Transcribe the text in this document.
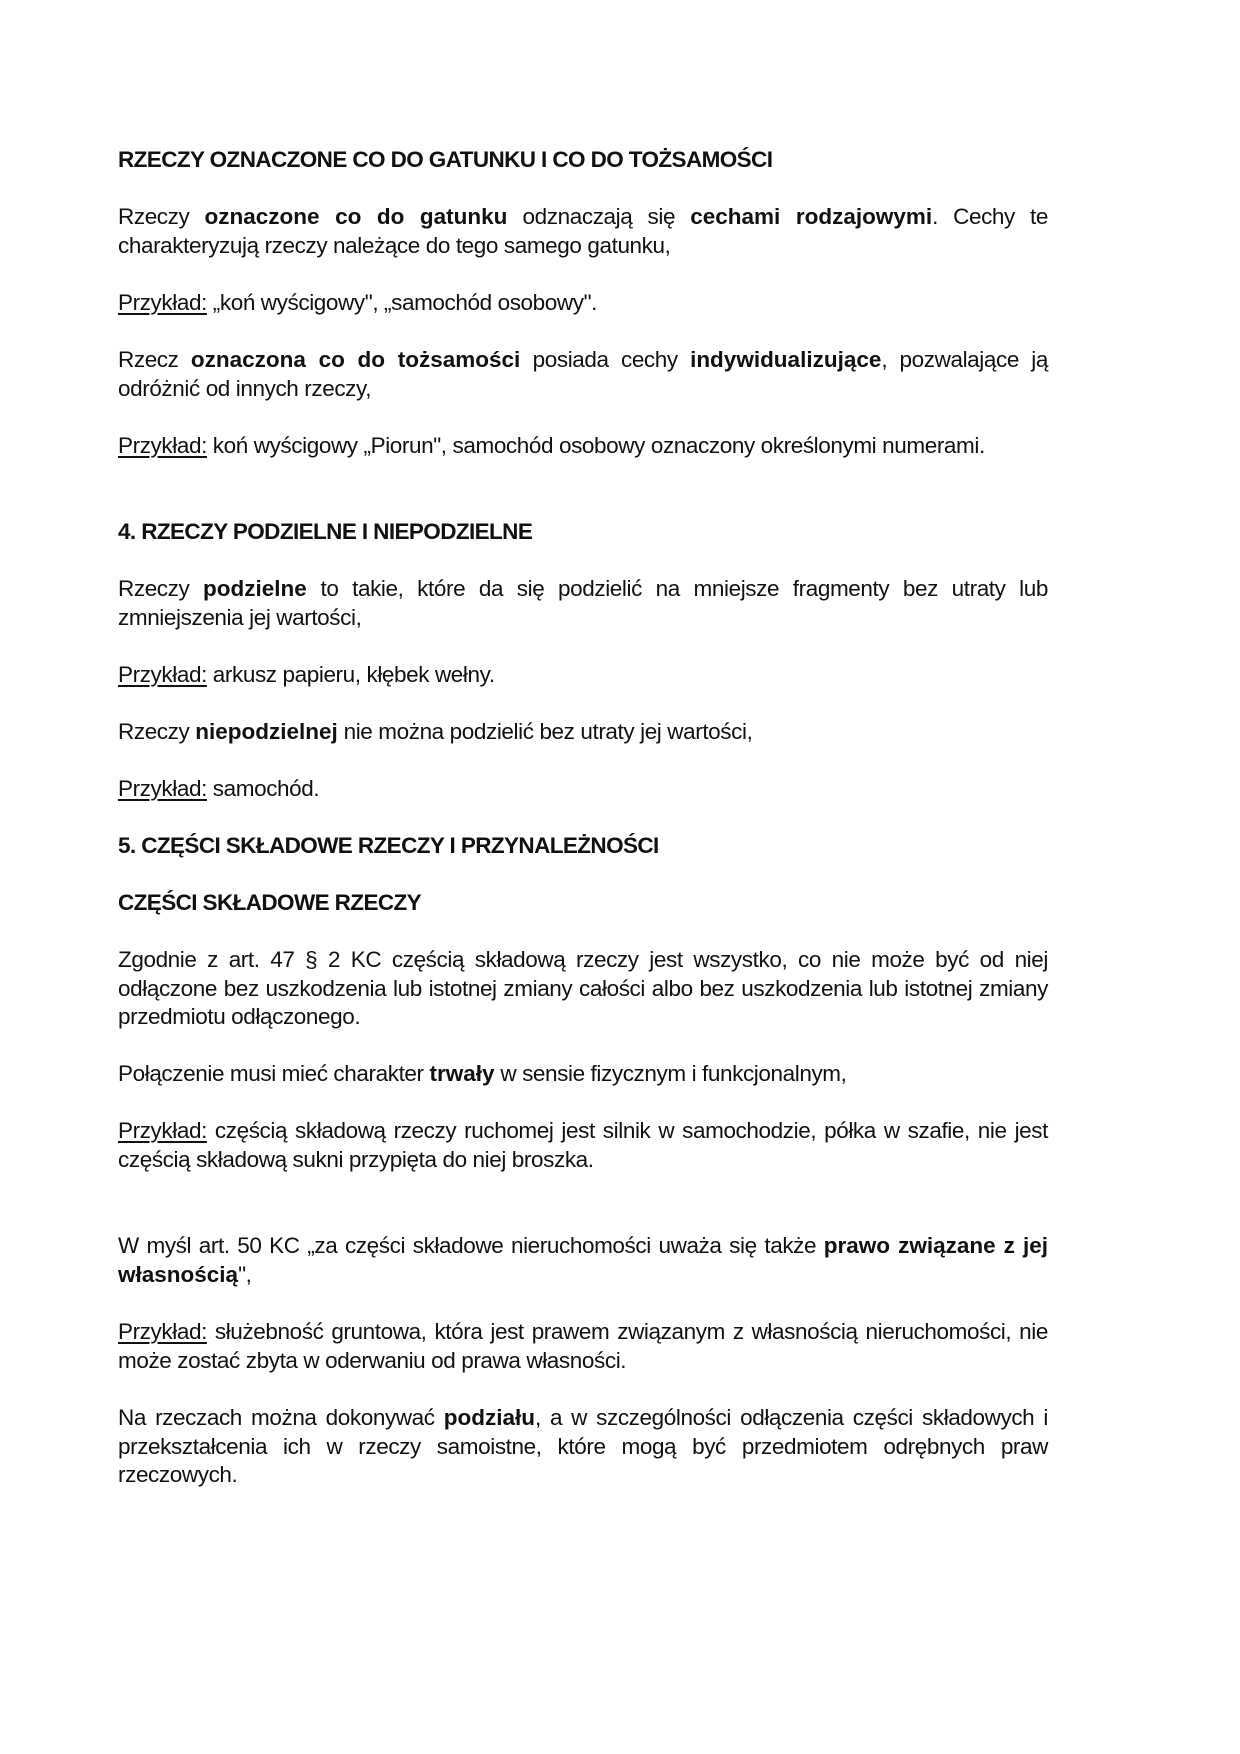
RZECZY OZNACZONE CO DO GATUNKU I CO DO TOŻSAMOŚCI
Rzeczy oznaczone co do gatunku odznaczają się cechami rodzajowymi. Cechy te charakteryzują rzeczy należące do tego samego gatunku,
Przykład: „koń wyścigowy", „samochód osobowy".
Rzecz oznaczona co do tożsamości posiada cechy indywidualizujące, pozwalające ją odróżnić od innych rzeczy,
Przykład: koń wyścigowy „Piorun", samochód osobowy oznaczony określonymi numerami.
4. RZECZY PODZIELNE I NIEPODZIELNE
Rzeczy podzielne to takie, które da się podzielić na mniejsze fragmenty bez utraty lub zmniejszenia jej wartości,
Przykład: arkusz papieru, kłębek wełny.
Rzeczy niepodzielnej nie można podzielić bez utraty jej wartości,
Przykład: samochód.
5. CZĘŚCI SKŁADOWE RZECZY I PRZYNALEŻNOŚCI
CZĘŚCI SKŁADOWE RZECZY
Zgodnie z art. 47 § 2 KC częścią składową rzeczy jest wszystko, co nie może być od niej odłączone bez uszkodzenia lub istotnej zmiany całości albo bez uszkodzenia lub istotnej zmiany przedmiotu odłączonego.
Połączenie musi mieć charakter trwały w sensie fizycznym i funkcjonalnym,
Przykład: częścią składową rzeczy ruchomej jest silnik w samochodzie, półka w szafie, nie jest częścią składową sukni przypięta do niej broszka.
W myśl art. 50 KC „za części składowe nieruchomości uważa się także prawo związane z jej własnością",
Przykład: służebność gruntowa, która jest prawem związanym z własnością nieruchomości, nie może zostać zbyta w oderwaniu od prawa własności.
Na rzeczach można dokonywać podziału, a w szczególności odłączenia części składowych i przekształcenia ich w rzeczy samoistne, które mogą być przedmiotem odrębnych praw rzeczowych.
